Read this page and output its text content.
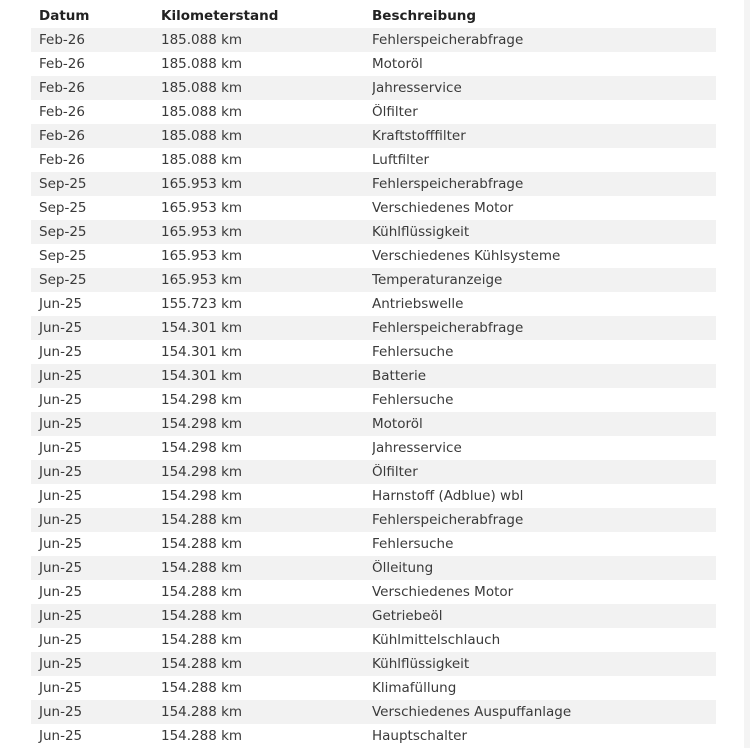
Datum	Kilometerstand	Beschreibung
Feb-26	185.088 km	Fehlerspeicherabfrage
Feb-26	185.088 km	Motoröl
Feb-26	185.088 km	Jahresservice
Feb-26	185.088 km	Ölfilter
Feb-26	185.088 km	Kraftstofffilter
Feb-26	185.088 km	Luftfilter
Sep-25	165.953 km	Fehlerspeicherabfrage
Sep-25	165.953 km	Verschiedenes Motor
Sep-25	165.953 km	Kühlflüssigkeit
Sep-25	165.953 km	Verschiedenes Kühlsysteme
Sep-25	165.953 km	Temperaturanzeige
Jun-25	155.723 km	Antriebswelle
Jun-25	154.301 km	Fehlerspeicherabfrage
Jun-25	154.301 km	Fehlersuche
Jun-25	154.301 km	Batterie
Jun-25	154.298 km	Fehlersuche
Jun-25	154.298 km	Motoröl
Jun-25	154.298 km	Jahresservice
Jun-25	154.298 km	Ölfilter
Jun-25	154.298 km	Harnstoff (Adblue) wbl
Jun-25	154.288 km	Fehlerspeicherabfrage
Jun-25	154.288 km	Fehlersuche
Jun-25	154.288 km	Ölleitung
Jun-25	154.288 km	Verschiedenes Motor
Jun-25	154.288 km	Getriebeöl
Jun-25	154.288 km	Kühlmittelschlauch
Jun-25	154.288 km	Kühlflüssigkeit
Jun-25	154.288 km	Klimafüllung
Jun-25	154.288 km	Verschiedenes Auspuffanlage
Jun-25	154.288 km	Hauptschalter
